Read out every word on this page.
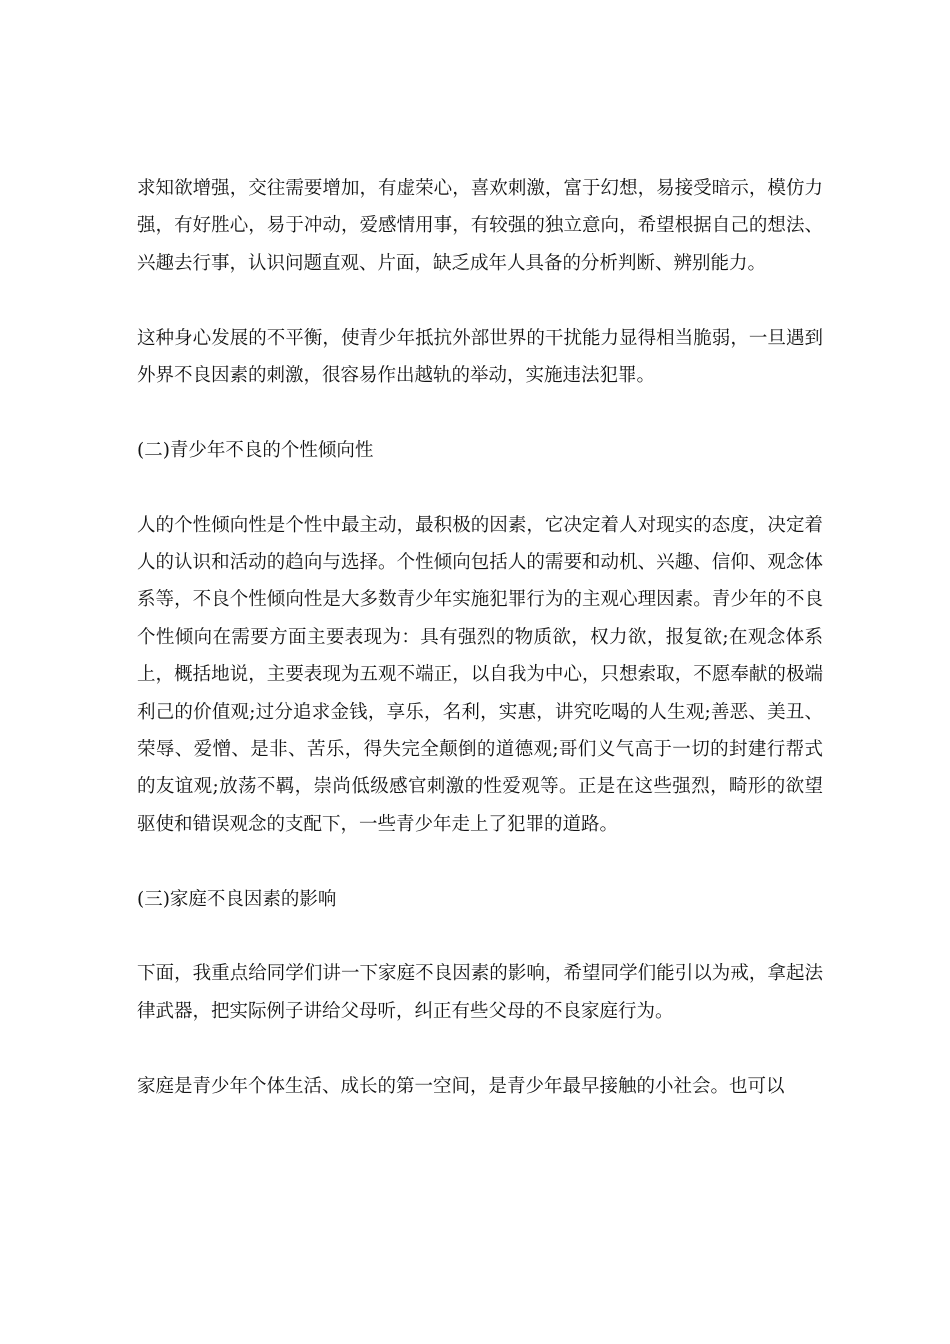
求知欲增强，交往需要增加，有虚荣心，喜欢刺激，富于幻想，易接受暗示，模仿力强，有好胜心，易于冲动，爱感情用事，有较强的独立意向，希望根据自己的想法、兴趣去行事，认识问题直观、片面，缺乏成年人具备的分析判断、辨别能力。

这种身心发展的不平衡，使青少年抵抗外部世界的干扰能力显得相当脆弱，一旦遇到外界不良因素的刺激，很容易作出越轨的举动，实施违法犯罪。

(二)青少年不良的个性倾向性

人的个性倾向性是个性中最主动，最积极的因素，它决定着人对现实的态度，决定着人的认识和活动的趋向与选择。个性倾向包括人的需要和动机、兴趣、信仰、观念体系等，不良个性倾向性是大多数青少年实施犯罪行为的主观心理因素。青少年的不良个性倾向在需要方面主要表现为：具有强烈的物质欲，权力欲，报复欲;在观念体系上，概括地说，主要表现为五观不端正，以自我为中心，只想索取，不愿奉献的极端利己的价值观;过分追求金钱，享乐，名利，实惠，讲究吃喝的人生观;善恶、美丑、荣辱、爱憎、是非、苦乐，得失完全颠倒的道德观;哥们义气高于一切的封建行帮式的友谊观;放荡不羁，崇尚低级感官刺激的性爱观等。正是在这些强烈，畸形的欲望驱使和错误观念的支配下，一些青少年走上了犯罪的道路。

(三)家庭不良因素的影响

下面，我重点给同学们讲一下家庭不良因素的影响，希望同学们能引以为戒，拿起法律武器，把实际例子讲给父母听，纠正有些父母的不良家庭行为。

家庭是青少年个体生活、成长的第一空间，是青少年最早接触的小社会。也可以
